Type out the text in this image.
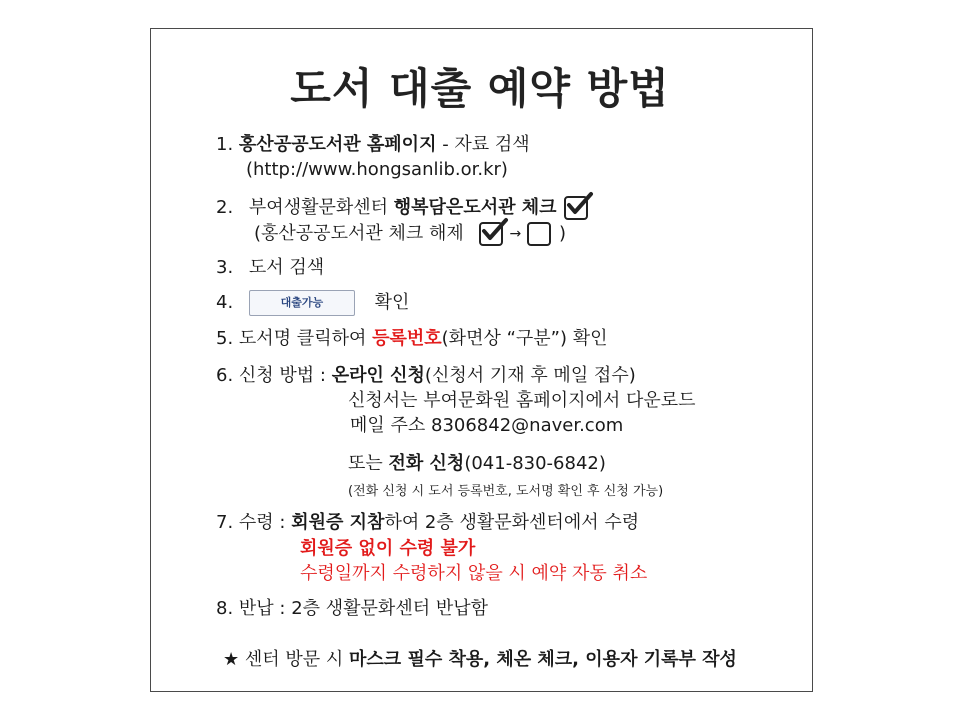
도서 대출 예약 방법
1. 홍산공공도서관 홈페이지 - 자료 검색
(http://www.hongsanlib.or.kr)
2. 부여생활문화센터 행복담은도서관 체크
(홍산공공도서관 체크 해제	→ )
3. 도서 검색
4.	대출가능	확인
5. 도서명 클릭하여 등록번호(화면상 “구분”) 확인
6. 신청 방법 : 온라인 신청(신청서 기재 후 메일 접수)
신청서는 부여문화원 홈페이지에서 다운로드
메일 주소 8306842@naver.com
또는 전화 신청(041-830-6842)
(전화 신청 시 도서 등록번호, 도서명 확인 후 신청 가능)
7. 수령 : 회원증 지참하여 2층 생활문화센터에서 수령
회원증 없이 수령 불가
수령일까지 수령하지 않을 시 예약 자동 취소
8. 반납 : 2층 생활문화센터 반납함
★ 센터 방문 시 마스크 필수 착용, 체온 체크, 이용자 기록부 작성
